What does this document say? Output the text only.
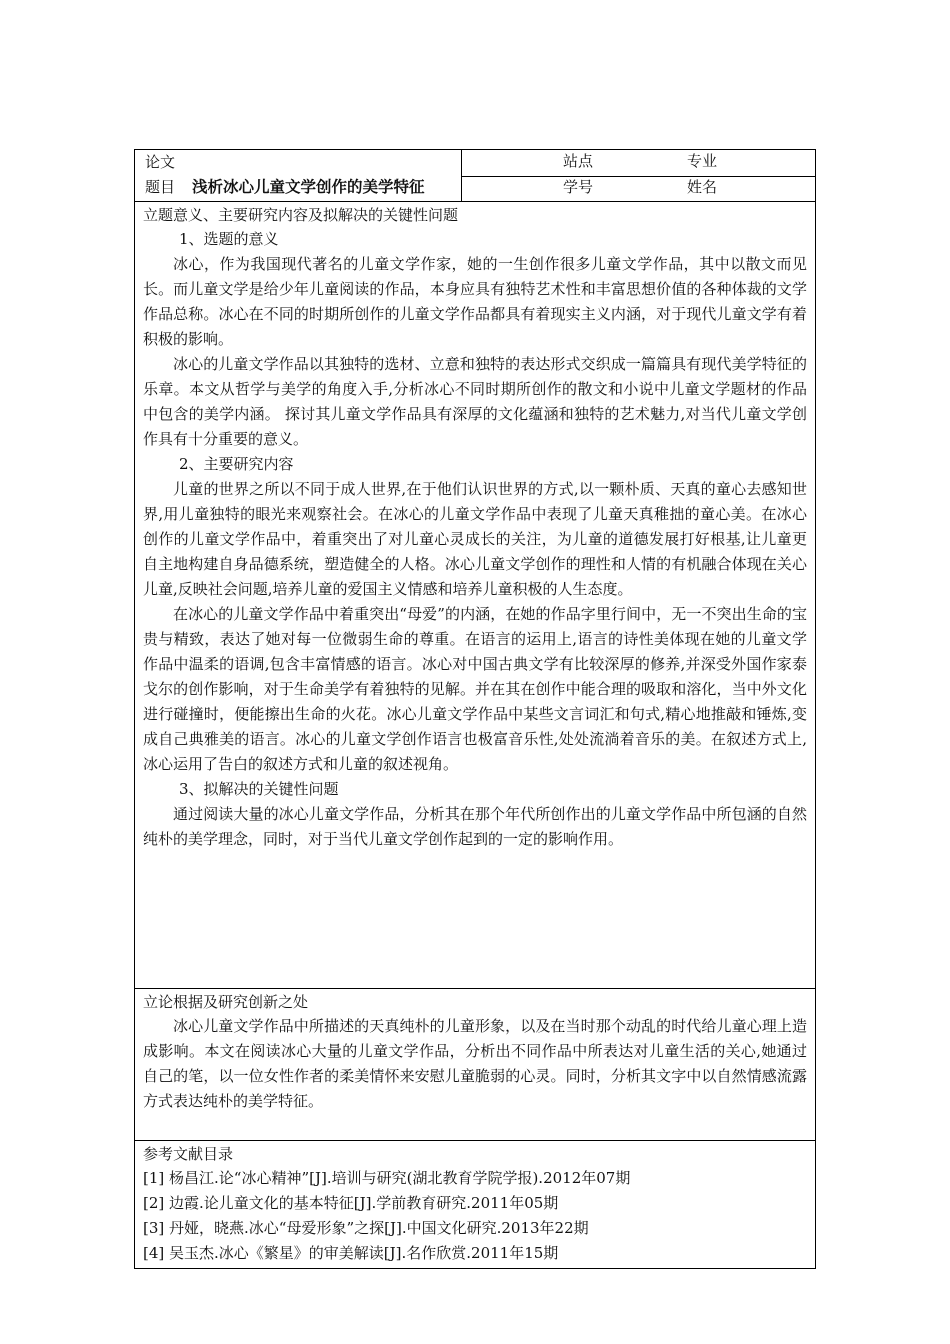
论文
题目 浅析冰心儿童文学创作的美学特征
站点	专业
学号	姓名
立题意义、主要研究内容及拟解决的关键性问题
1、选题的意义

冰心，作为我国现代著名的儿童文学作家，她的一生创作很多儿童文学作品，其中以散文而见长。而儿童文学是给少年儿童阅读的作品，本身应具有独特艺术性和丰富思想价值的各种体裁的文学作品总称。冰心在不同的时期所创作的儿童文学作品都具有着现实主义内涵，对于现代儿童文学有着积极的影响。

冰心的儿童文学作品以其独特的选材、立意和独特的表达形式交织成一篇篇具有现代美学特征的乐章。本文从哲学与美学的角度入手,分析冰心不同时期所创作的散文和小说中儿童文学题材的作品中包含的美学内涵。 探讨其儿童文学作品具有深厚的文化蕴涵和独特的艺术魅力,对当代儿童文学创作具有十分重要的意义。

2、主要研究内容

儿童的世界之所以不同于成人世界,在于他们认识世界的方式,以一颗朴质、天真的童心去感知世界,用儿童独特的眼光来观察社会。在冰心的儿童文学作品中表现了儿童天真稚拙的童心美。在冰心创作的儿童文学作品中，着重突出了对儿童心灵成长的关注，为儿童的道德发展打好根基,让儿童更自主地构建自身品德系统，塑造健全的人格。冰心儿童文学创作的理性和人情的有机融合体现在关心儿童,反映社会问题,培养儿童的爱国主义情感和培养儿童积极的人生态度。

在冰心的儿童文学作品中着重突出“母爱”的内涵，在她的作品字里行间中，无一不突出生命的宝贵与精致，表达了她对每一位微弱生命的尊重。在语言的运用上,语言的诗性美体现在她的儿童文学作品中温柔的语调,包含丰富情感的语言。冰心对中国古典文学有比较深厚的修养,并深受外国作家泰戈尔的创作影响，对于生命美学有着独特的见解。并在其在创作中能合理的吸取和溶化，当中外文化进行碰撞时，便能擦出生命的火花。冰心儿童文学作品中某些文言词汇和句式,精心地推敲和锤炼,变成自己典雅美的语言。冰心的儿童文学创作语言也极富音乐性,处处流淌着音乐的美。在叙述方式上,冰心运用了告白的叙述方式和儿童的叙述视角。

3、拟解决的关键性问题

通过阅读大量的冰心儿童文学作品，分析其在那个年代所创作出的儿童文学作品中所包涵的自然纯朴的美学理念，同时，对于当代儿童文学创作起到的一定的影响作用。

立论根据及研究创新之处

冰心儿童文学作品中所描述的天真纯朴的儿童形象，以及在当时那个动乱的时代给儿童心理上造成影响。本文在阅读冰心大量的儿童文学作品，分析出不同作品中所表达对儿童生活的关心,她通过自己的笔，以一位女性作者的柔美情怀来安慰儿童脆弱的心灵。同时，分析其文字中以自然情感流露方式表达纯朴的美学特征。

参考文献目录
[1] 杨昌江.论“冰心精神”[J].培训与研究(湖北教育学院学报).2012年07期
[2] 边霞.论儿童文化的基本特征[J].学前教育研究.2011年05期
[3] 丹娅，晓燕.冰心“母爱形象”之探[J].中国文化研究.2013年22期
[4] 吴玉杰.冰心《繁星》的审美解读[J].名作欣赏.2011年15期
